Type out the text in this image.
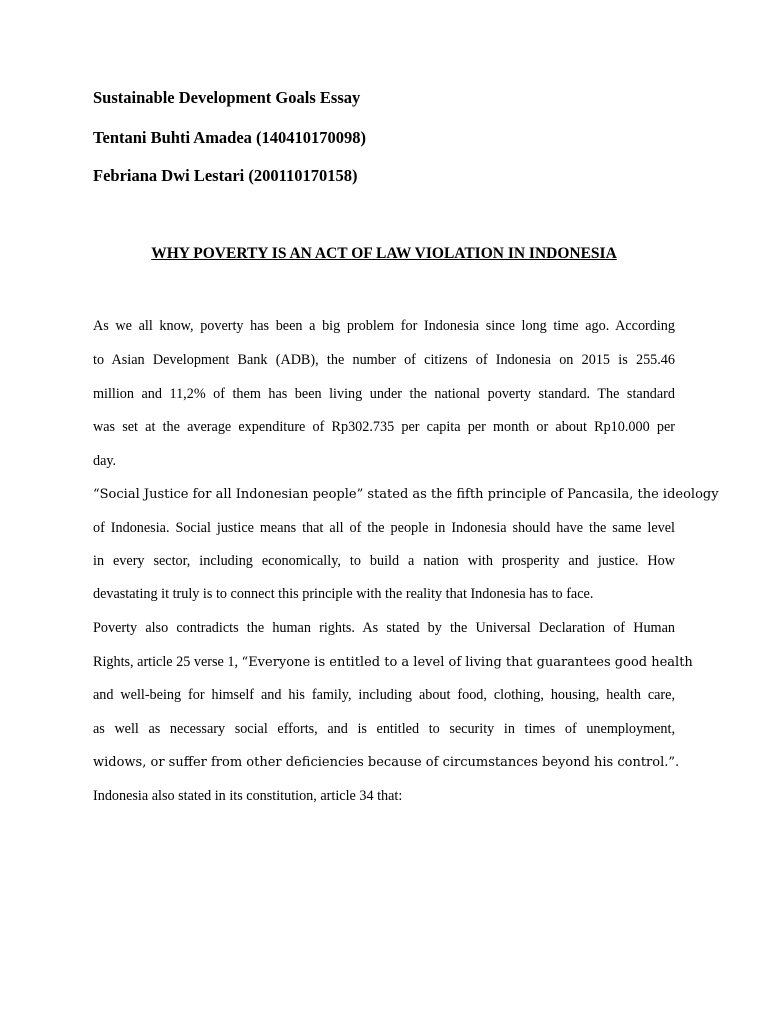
Sustainable Development Goals Essay
Tentani Buhti Amadea (140410170098)
Febriana Dwi Lestari (200110170158)
WHY POVERTY IS AN ACT OF LAW VIOLATION IN INDONESIA
As we all know, poverty has been a big problem for Indonesia since long time ago. According
to Asian Development Bank (ADB), the number of citizens of Indonesia on 2015 is 255.46
million and 11,2% of them has been living under the national poverty standard. The standard
was set at the average expenditure of Rp302.735 per capita per month or about Rp10.000 per
day.
“Social Justice for all Indonesian people” stated as the fifth principle of Pancasila, the ideology
of Indonesia. Social justice means that all of the people in Indonesia should have the same level
in every sector, including economically, to build a nation with prosperity and justice. How
devastating it truly is to connect this principle with the reality that Indonesia has to face.
Poverty also contradicts the human rights. As stated by the Universal Declaration of Human
Rights, article 25 verse 1, “Everyone is entitled to a level of living that guarantees good health
and well-being for himself and his family, including about food, clothing, housing, health care,
as well as necessary social efforts, and is entitled to security in times of unemployment,
widows, or suffer from other deficiencies because of circumstances beyond his control.”.
Indonesia also stated in its constitution, article 34 that:
